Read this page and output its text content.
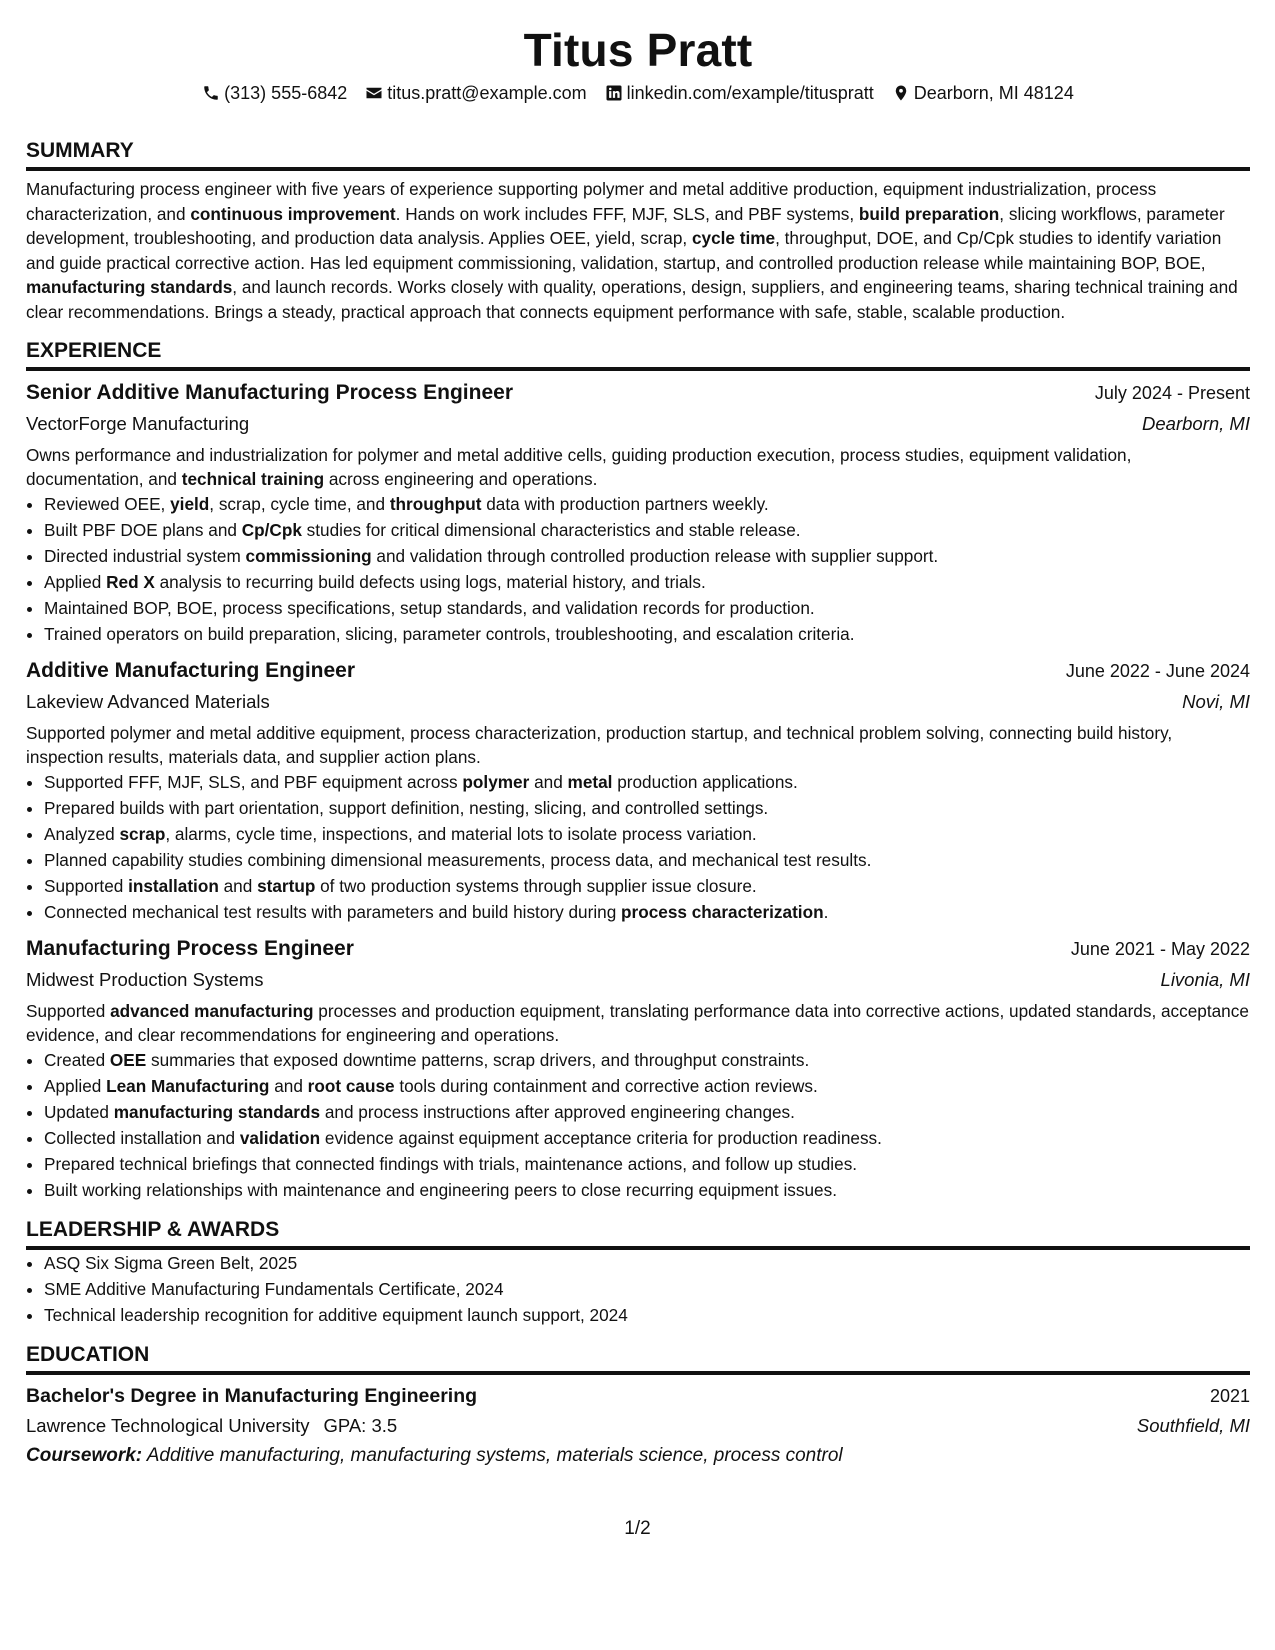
Titus Pratt
(313) 555-6842 titus.pratt@example.com linkedin.com/example/tituspratt Dearborn, MI 48124
SUMMARY
Manufacturing process engineer with five years of experience supporting polymer and metal additive production, equipment industrialization, process characterization, and continuous improvement. Hands on work includes FFF, MJF, SLS, and PBF systems, build preparation, slicing workflows, parameter development, troubleshooting, and production data analysis. Applies OEE, yield, scrap, cycle time, throughput, DOE, and Cp/Cpk studies to identify variation and guide practical corrective action. Has led equipment commissioning, validation, startup, and controlled production release while maintaining BOP, BOE, manufacturing standards, and launch records. Works closely with quality, operations, design, suppliers, and engineering teams, sharing technical training and clear recommendations. Brings a steady, practical approach that connects equipment performance with safe, stable, scalable production.
EXPERIENCE
Senior Additive Manufacturing Process Engineer	July 2024 - Present
VectorForge Manufacturing	Dearborn, MI
Owns performance and industrialization for polymer and metal additive cells, guiding production execution, process studies, equipment validation, documentation, and technical training across engineering and operations.
• Reviewed OEE, yield, scrap, cycle time, and throughput data with production partners weekly.
• Built PBF DOE plans and Cp/Cpk studies for critical dimensional characteristics and stable release.
• Directed industrial system commissioning and validation through controlled production release with supplier support.
• Applied Red X analysis to recurring build defects using logs, material history, and trials.
• Maintained BOP, BOE, process specifications, setup standards, and validation records for production.
• Trained operators on build preparation, slicing, parameter controls, troubleshooting, and escalation criteria.
Additive Manufacturing Engineer	June 2022 - June 2024
Lakeview Advanced Materials	Novi, MI
Supported polymer and metal additive equipment, process characterization, production startup, and technical problem solving, connecting build history, inspection results, materials data, and supplier action plans.
• Supported FFF, MJF, SLS, and PBF equipment across polymer and metal production applications.
• Prepared builds with part orientation, support definition, nesting, slicing, and controlled settings.
• Analyzed scrap, alarms, cycle time, inspections, and material lots to isolate process variation.
• Planned capability studies combining dimensional measurements, process data, and mechanical test results.
• Supported installation and startup of two production systems through supplier issue closure.
• Connected mechanical test results with parameters and build history during process characterization.
Manufacturing Process Engineer	June 2021 - May 2022
Midwest Production Systems	Livonia, MI
Supported advanced manufacturing processes and production equipment, translating performance data into corrective actions, updated standards, acceptance evidence, and clear recommendations for engineering and operations.
• Created OEE summaries that exposed downtime patterns, scrap drivers, and throughput constraints.
• Applied Lean Manufacturing and root cause tools during containment and corrective action reviews.
• Updated manufacturing standards and process instructions after approved engineering changes.
• Collected installation and validation evidence against equipment acceptance criteria for production readiness.
• Prepared technical briefings that connected findings with trials, maintenance actions, and follow up studies.
• Built working relationships with maintenance and engineering peers to close recurring equipment issues.
LEADERSHIP & AWARDS
• ASQ Six Sigma Green Belt, 2025
• SME Additive Manufacturing Fundamentals Certificate, 2024
• Technical leadership recognition for additive equipment launch support, 2024
EDUCATION
Bachelor's Degree in Manufacturing Engineering	2021
Lawrence Technological University GPA: 3.5	Southfield, MI
Coursework: Additive manufacturing, manufacturing systems, materials science, process control
1/2
